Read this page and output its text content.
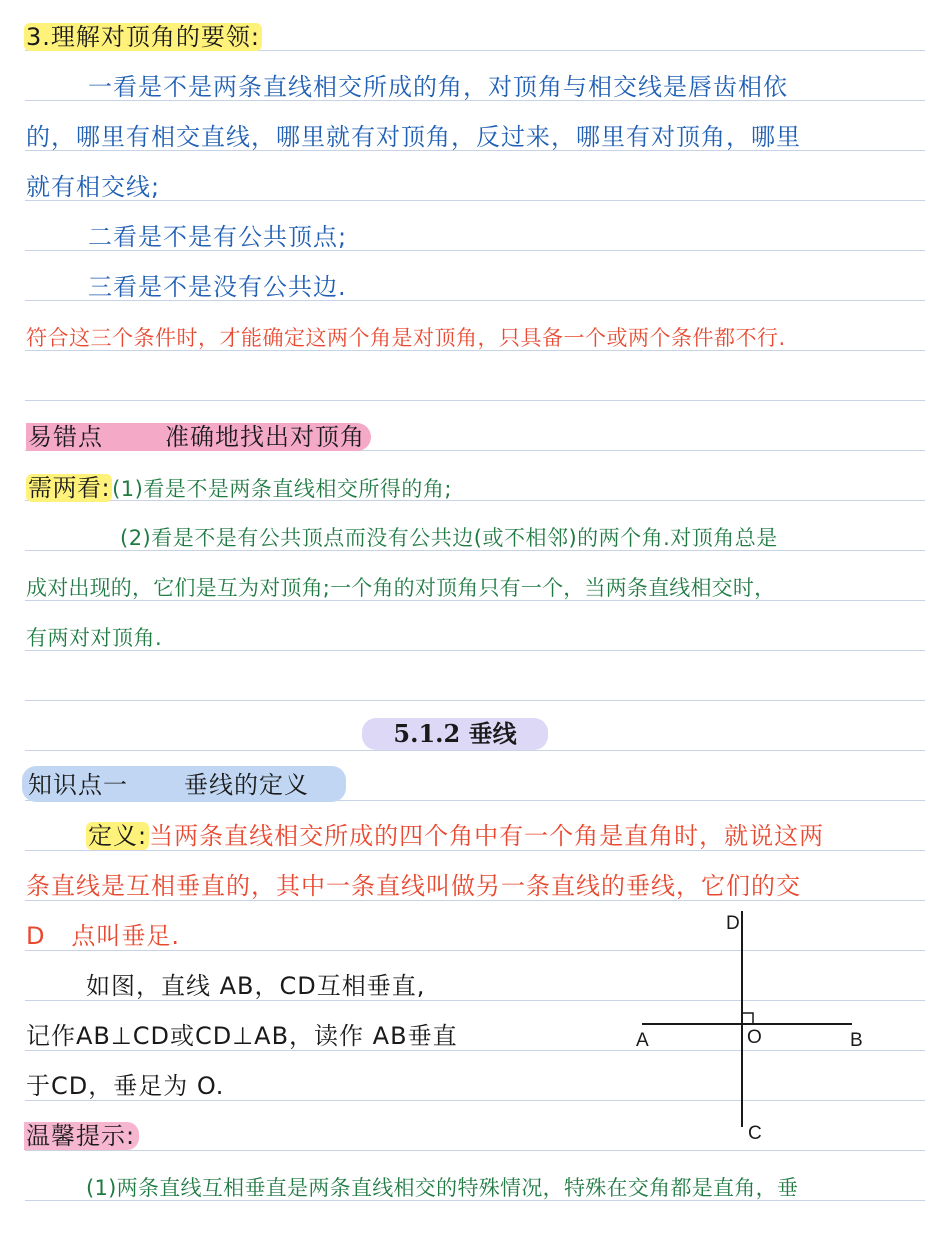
3.理解对顶角的要领:
一看是不是两条直线相交所成的角，对顶角与相交线是唇齿相依
的，哪里有相交直线，哪里就有对顶角，反过来，哪里有对顶角，哪里
就有相交线;
二看是不是有公共顶点;
三看是不是没有公共边.
符合这三个条件时，才能确定这两个角是对顶角，只具备一个或两个条件都不行.
易错点	准确地找出对顶角
需两看:(1)看是不是两条直线相交所得的角;
(2)看是不是有公共顶点而没有公共边(或不相邻)的两个角.对顶角总是
成对出现的，它们是互为对顶角;一个角的对顶角只有一个，当两条直线相交时，
有两对对顶角.
5.1.2 垂线
知识点一 垂线的定义
定义:当两条直线相交所成的四个角中有一个角是直角时，就说这两
条直线是互相垂直的，其中一条直线叫做另一条直线的垂线，它们的交
D   点叫垂足.
如图，直线 AB，CD互相垂直,
记作AB⊥CD或CD⊥AB，读作 AB垂直
于CD，垂足为 O.
温馨提示:
(1)两条直线互相垂直是两条直线相交的特殊情况，特殊在交角都是直角，垂
A	B
C
D
O
